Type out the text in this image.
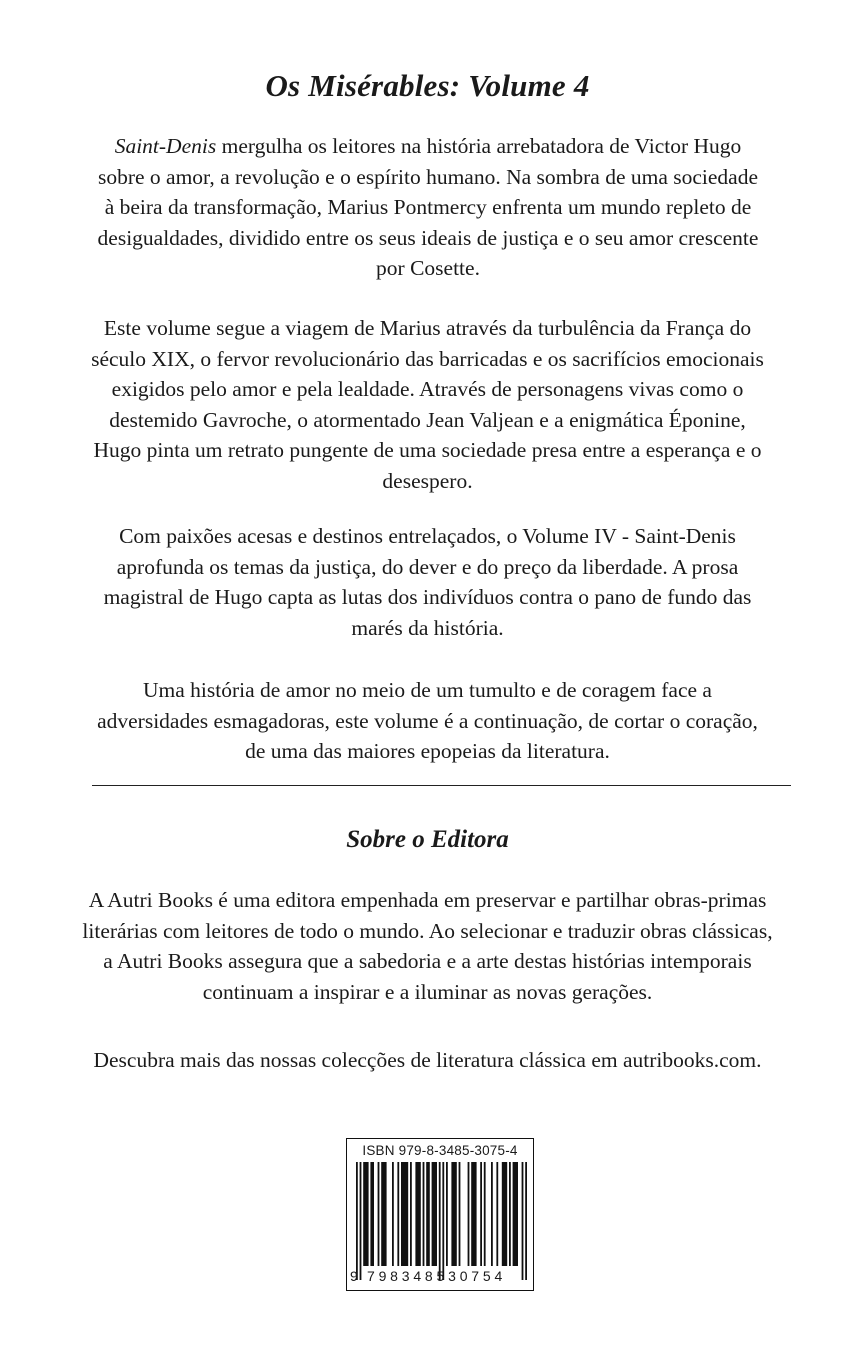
Os Misérables: Volume 4
Saint-Denis mergulha os leitores na história arrebatadora de Victor Hugo sobre o amor, a revolução e o espírito humano. Na sombra de uma sociedade à beira da transformação, Marius Pontmercy enfrenta um mundo repleto de desigualdades, dividido entre os seus ideais de justiça e o seu amor crescente por Cosette.
Este volume segue a viagem de Marius através da turbulência da França do século XIX, o fervor revolucionário das barricadas e os sacrifícios emocionais exigidos pelo amor e pela lealdade. Através de personagens vivas como o destemido Gavroche, o atormentado Jean Valjean e a enigmática Éponine, Hugo pinta um retrato pungente de uma sociedade presa entre a esperança e o desespero.
Com paixões acesas e destinos entrelaçados, o Volume IV - Saint-Denis aprofunda os temas da justiça, do dever e do preço da liberdade. A prosa magistral de Hugo capta as lutas dos indivíduos contra o pano de fundo das marés da história.
Uma história de amor no meio de um tumulto e de coragem face a adversidades esmagadoras, este volume é a continuação, de cortar o coração, de uma das maiores epopeias da literatura.
Sobre o Editora
A Autri Books é uma editora empenhada em preservar e partilhar obras-primas literárias com leitores de todo o mundo. Ao selecionar e traduzir obras clássicas, a Autri Books assegura que a sabedoria e a arte destas histórias intemporais continuam a inspirar e a iluminar as novas gerações.
Descubra mais das nossas colecções de literatura clássica em autribooks.com.
ISBN 979-8-3485-3075-4
9 798348530754
